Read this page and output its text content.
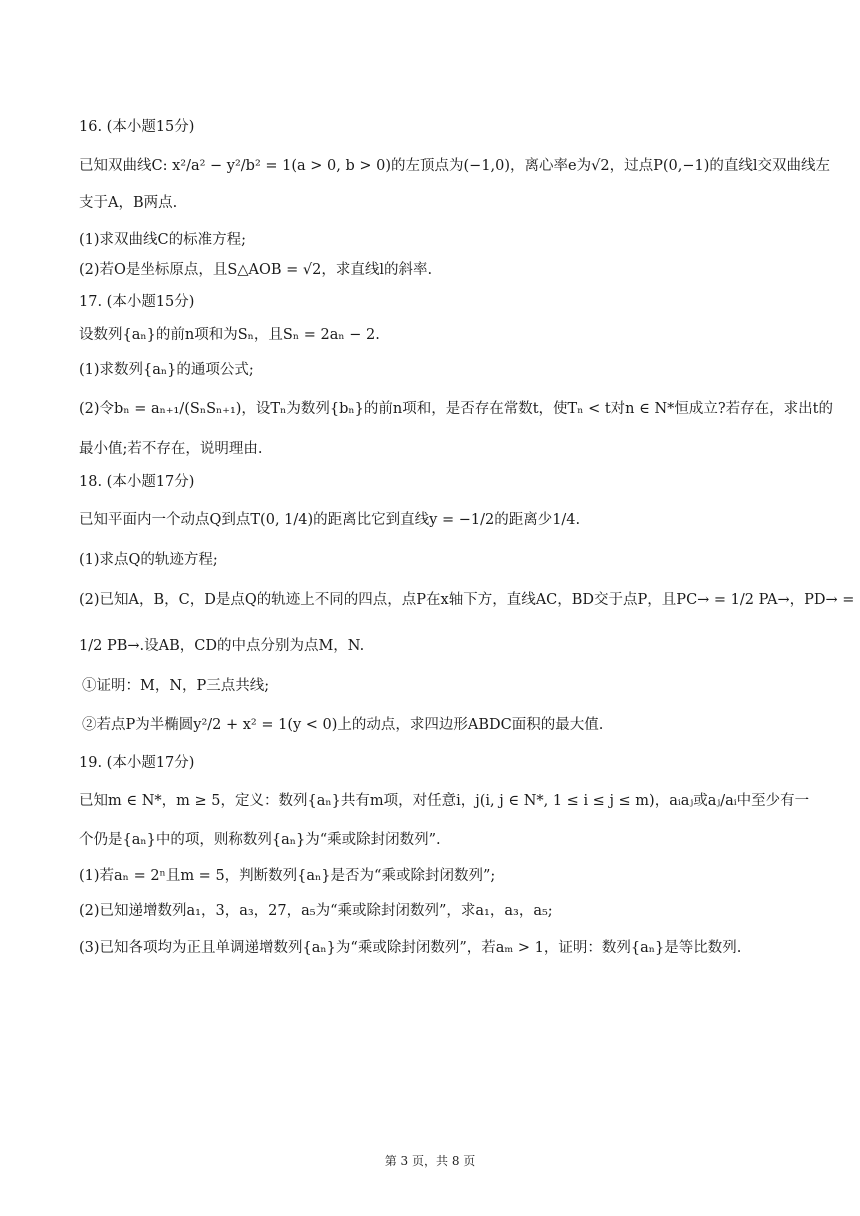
16. (本小题15分)
已知双曲线C: x²/a² − y²/b² = 1(a > 0, b > 0)的左顶点为(−1,0)，离心率e为√2，过点P(0,−1)的直线l交双曲线左
支于A，B两点.
(1)求双曲线C的标准方程;
(2)若O是坐标原点，且S△AOB = √2，求直线l的斜率.
17. (本小题15分)
设数列{aₙ}的前n项和为Sₙ，且Sₙ = 2aₙ − 2.
(1)求数列{aₙ}的通项公式;
(2)令bₙ = aₙ₊₁/(SₙSₙ₊₁)，设Tₙ为数列{bₙ}的前n项和，是否存在常数t，使Tₙ < t对n ∈ N*恒成立?若存在，求出t的
最小值;若不存在，说明理由.
18. (本小题17分)
已知平面内一个动点Q到点T(0, 1/4)的距离比它到直线y = −1/2的距离少1/4.
(1)求点Q的轨迹方程;
(2)已知A，B，C，D是点Q的轨迹上不同的四点，点P在x轴下方，直线AC，BD交于点P，且PC→ = 1/2 PA→，PD→ =
1/2 PB→.设AB，CD的中点分别为点M，N.
①证明：M，N，P三点共线;
②若点P为半椭圆y²/2 + x² = 1(y < 0)上的动点，求四边形ABDC面积的最大值.
19. (本小题17分)
已知m ∈ N*，m ≥ 5，定义：数列{aₙ}共有m项，对任意i，j(i, j ∈ N*, 1 ≤ i ≤ j ≤ m)，aᵢaⱼ或aⱼ/aᵢ中至少有一
个仍是{aₙ}中的项，则称数列{aₙ}为“乘或除封闭数列”.
(1)若aₙ = 2ⁿ且m = 5，判断数列{aₙ}是否为“乘或除封闭数列”;
(2)已知递增数列a₁，3，a₃，27，a₅为“乘或除封闭数列”，求a₁，a₃，a₅;
(3)已知各项均为正且单调递增数列{aₙ}为“乘或除封闭数列”，若aₘ > 1，证明：数列{aₙ}是等比数列.
第 3 页，共 8 页
